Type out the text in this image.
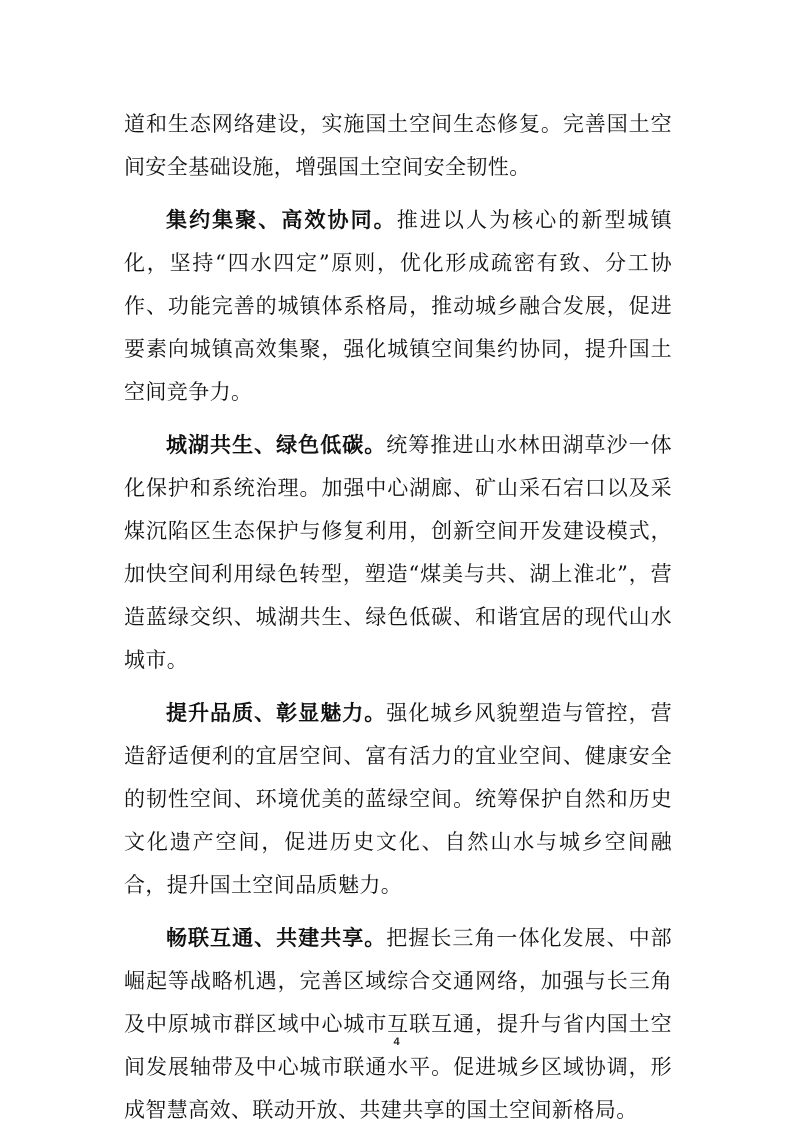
道和生态网络建设，实施国土空间生态修复。完善国土空间安全基础设施，增强国土空间安全韧性。

集约集聚、高效协同。推进以人为核心的新型城镇化，坚持“四水四定”原则，优化形成疏密有致、分工协作、功能完善的城镇体系格局，推动城乡融合发展，促进要素向城镇高效集聚，强化城镇空间集约协同，提升国土空间竞争力。

城湖共生、绿色低碳。统筹推进山水林田湖草沙一体化保护和系统治理。加强中心湖廊、矿山采石宕口以及采煤沉陷区生态保护与修复利用，创新空间开发建设模式，加快空间利用绿色转型，塑造“煤美与共、湖上淮北”，营造蓝绿交织、城湖共生、绿色低碳、和谐宜居的现代山水城市。

提升品质、彰显魅力。强化城乡风貌塑造与管控，营造舒适便利的宜居空间、富有活力的宜业空间、健康安全的韧性空间、环境优美的蓝绿空间。统筹保护自然和历史文化遗产空间，促进历史文化、自然山水与城乡空间融合，提升国土空间品质魅力。

畅联互通、共建共享。把握长三角一体化发展、中部崛起等战略机遇，完善区域综合交通网络，加强与长三角及中原城市群区域中心城市互联互通，提升与省内国土空间发展轴带及中心城市联通水平。促进城乡区域协调，形成智慧高效、联动开放、共建共享的国土空间新格局。

4
